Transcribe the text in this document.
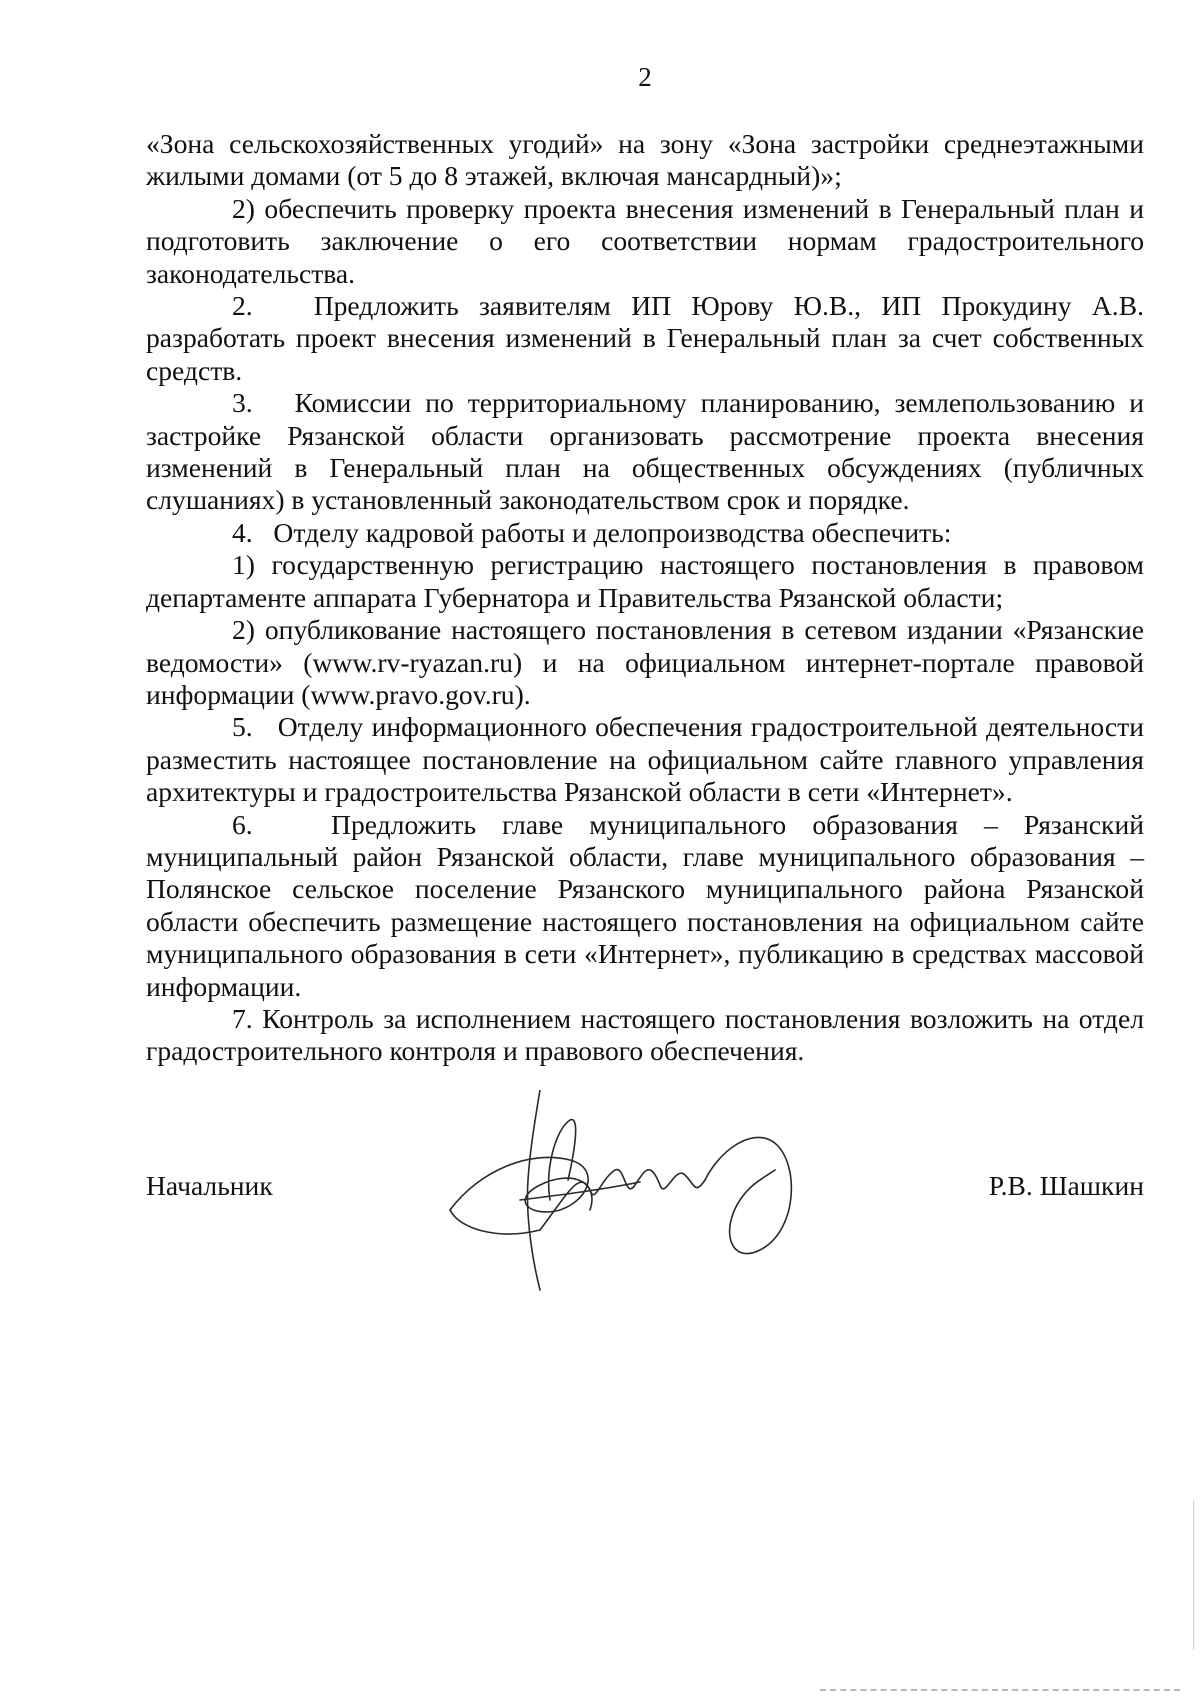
2

«Зона сельскохозяйственных угодий» на зону «Зона застройки среднеэтажными жилыми домами (от 5 до 8 этажей, включая мансардный)»;

2) обеспечить проверку проекта внесения изменений в Генеральный план и подготовить заключение о его соответствии нормам градостроительного законодательства.

2.   Предложить заявителям ИП Юрову Ю.В., ИП Прокудину А.В. разработать проект внесения изменений в Генеральный план за счет собственных средств.

3.   Комиссии по территориальному планированию, землепользованию и застройке Рязанской области организовать рассмотрение проекта внесения изменений в Генеральный план на общественных обсуждениях (публичных слушаниях) в установленный законодательством срок и порядке.

4.   Отделу кадровой работы и делопроизводства обеспечить:

1) государственную регистрацию настоящего постановления в правовом департаменте аппарата Губернатора и Правительства Рязанской области;

2) опубликование настоящего постановления в сетевом издании «Рязанские ведомости» (www.rv-ryazan.ru) и на официальном интернет-портале правовой информации (www.pravo.gov.ru).

5.   Отделу информационного обеспечения градостроительной деятельности разместить настоящее постановление на официальном сайте главного управления архитектуры и градостроительства Рязанской области в сети «Интернет».

6.   Предложить главе муниципального образования – Рязанский муниципальный район Рязанской области, главе муниципального образования – Полянское сельское поселение Рязанского муниципального района Рязанской области обеспечить размещение настоящего постановления на официальном сайте муниципального образования в сети «Интернет», публикацию в средствах массовой информации.

7. Контроль за исполнением настоящего постановления возложить на отдел градостроительного контроля и правового обеспечения.

Начальник	Р.В. Шашкин
